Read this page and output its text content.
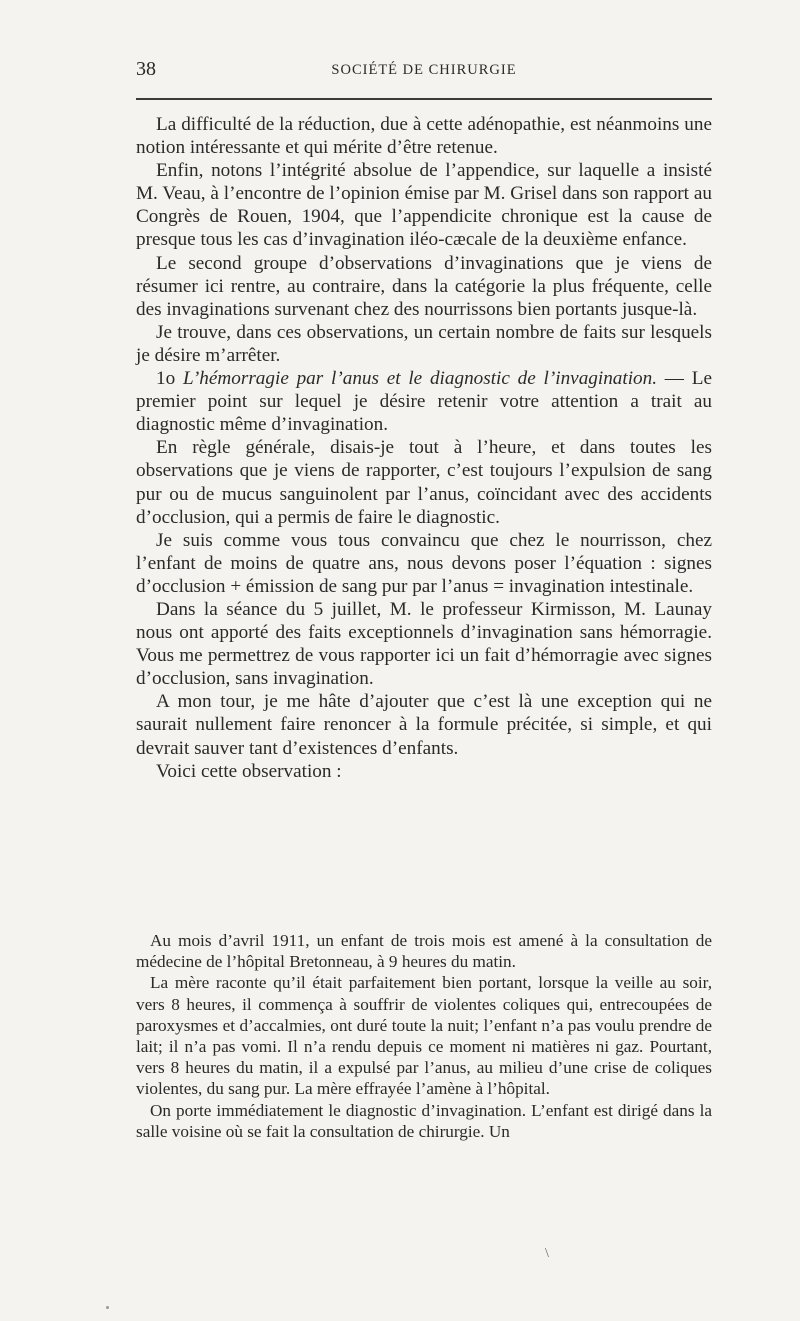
38	SOCIÉTÉ DE CHIRURGIE

La difficulté de la réduction, due à cette adénopathie, est néanmoins une notion intéressante et qui mérite d’être retenue.

Enfin, notons l’intégrité absolue de l’appendice, sur laquelle a insisté M. Veau, à l’encontre de l’opinion émise par M. Grisel dans son rapport au Congrès de Rouen, 1904, que l’appendicite chronique est la cause de presque tous les cas d’invagination iléo-cæcale de la deuxième enfance.

Le second groupe d’observations d’invaginations que je viens de résumer ici rentre, au contraire, dans la catégorie la plus fréquente, celle des invaginations survenant chez des nourrissons bien portants jusque-là.

Je trouve, dans ces observations, un certain nombre de faits sur lesquels je désire m’arrêter.

1o L’hémorragie par l’anus et le diagnostic de l’invagination. — Le premier point sur lequel je désire retenir votre attention a trait au diagnostic même d’invagination.

En règle générale, disais-je tout à l’heure, et dans toutes les observations que je viens de rapporter, c’est toujours l’expulsion de sang pur ou de mucus sanguinolent par l’anus, coïncidant avec des accidents d’occlusion, qui a permis de faire le diagnostic.

Je suis comme vous tous convaincu que chez le nourrisson, chez l’enfant de moins de quatre ans, nous devons poser l’équation : signes d’occlusion + émission de sang pur par l’anus = invagination intestinale.

Dans la séance du 5 juillet, M. le professeur Kirmisson, M. Launay nous ont apporté des faits exceptionnels d’invagination sans hémorragie. Vous me permettrez de vous rapporter ici un fait d’hémorragie avec signes d’occlusion, sans invagination.

A mon tour, je me hâte d’ajouter que c’est là une exception qui ne saurait nullement faire renoncer à la formule précitée, si simple, et qui devrait sauver tant d’existences d’enfants.

Voici cette observation :

Au mois d’avril 1911, un enfant de trois mois est amené à la consultation de médecine de l’hôpital Bretonneau, à 9 heures du matin.

La mère raconte qu’il était parfaitement bien portant, lorsque la veille au soir, vers 8 heures, il commença à souffrir de violentes coliques qui, entrecoupées de paroxysmes et d’accalmies, ont duré toute la nuit; l’enfant n’a pas voulu prendre de lait; il n’a pas vomi. Il n’a rendu depuis ce moment ni matières ni gaz. Pourtant, vers 8 heures du matin, il a expulsé par l’anus, au milieu d’une crise de coliques violentes, du sang pur. La mère effrayée l’amène à l’hôpital.

On porte immédiatement le diagnostic d’invagination. L’enfant est dirigé dans la salle voisine où se fait la consultation de chirurgie. Un

\
